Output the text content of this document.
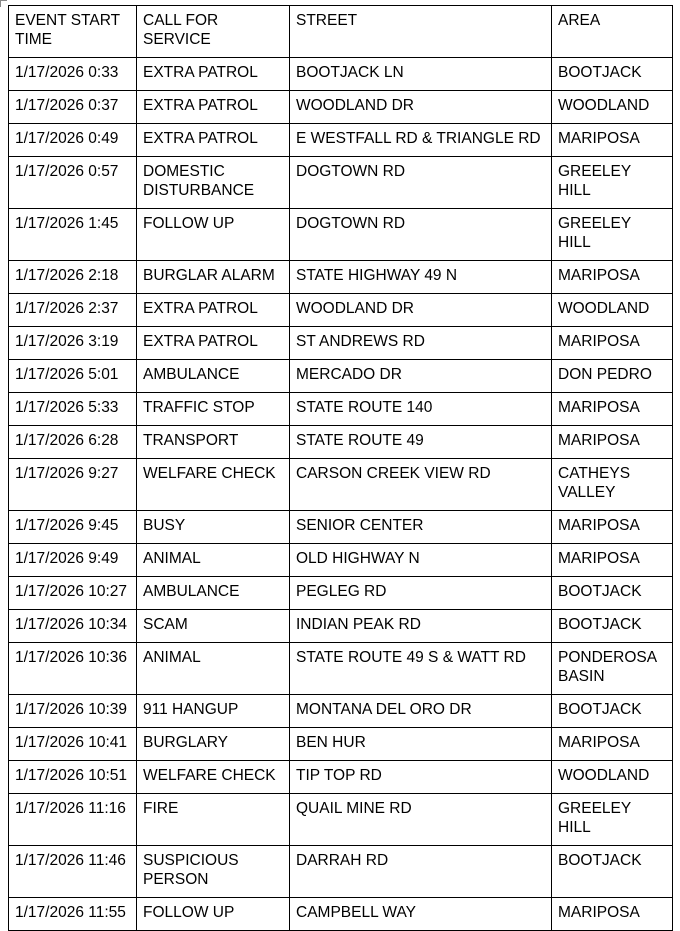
EVENT START TIME	CALL FOR SERVICE	STREET	AREA
1/17/2026 0:33	EXTRA PATROL	BOOTJACK LN	BOOTJACK
1/17/2026 0:37	EXTRA PATROL	WOODLAND DR	WOODLAND
1/17/2026 0:49	EXTRA PATROL	E WESTFALL RD & TRIANGLE RD	MARIPOSA
1/17/2026 0:57	DOMESTIC DISTURBANCE	DOGTOWN RD	GREELEY HILL
1/17/2026 1:45	FOLLOW UP	DOGTOWN RD	GREELEY HILL
1/17/2026 2:18	BURGLAR ALARM	STATE HIGHWAY 49 N	MARIPOSA
1/17/2026 2:37	EXTRA PATROL	WOODLAND DR	WOODLAND
1/17/2026 3:19	EXTRA PATROL	ST ANDREWS RD	MARIPOSA
1/17/2026 5:01	AMBULANCE	MERCADO DR	DON PEDRO
1/17/2026 5:33	TRAFFIC STOP	STATE ROUTE 140	MARIPOSA
1/17/2026 6:28	TRANSPORT	STATE ROUTE 49	MARIPOSA
1/17/2026 9:27	WELFARE CHECK	CARSON CREEK VIEW RD	CATHEYS VALLEY
1/17/2026 9:45	BUSY	SENIOR CENTER	MARIPOSA
1/17/2026 9:49	ANIMAL	OLD HIGHWAY N	MARIPOSA
1/17/2026 10:27	AMBULANCE	PEGLEG RD	BOOTJACK
1/17/2026 10:34	SCAM	INDIAN PEAK RD	BOOTJACK
1/17/2026 10:36	ANIMAL	STATE ROUTE 49 S & WATT RD	PONDEROSA BASIN
1/17/2026 10:39	911 HANGUP	MONTANA DEL ORO DR	BOOTJACK
1/17/2026 10:41	BURGLARY	BEN HUR	MARIPOSA
1/17/2026 10:51	WELFARE CHECK	TIP TOP RD	WOODLAND
1/17/2026 11:16	FIRE	QUAIL MINE RD	GREELEY HILL
1/17/2026 11:46	SUSPICIOUS PERSON	DARRAH RD	BOOTJACK
1/17/2026 11:55	FOLLOW UP	CAMPBELL WAY	MARIPOSA
